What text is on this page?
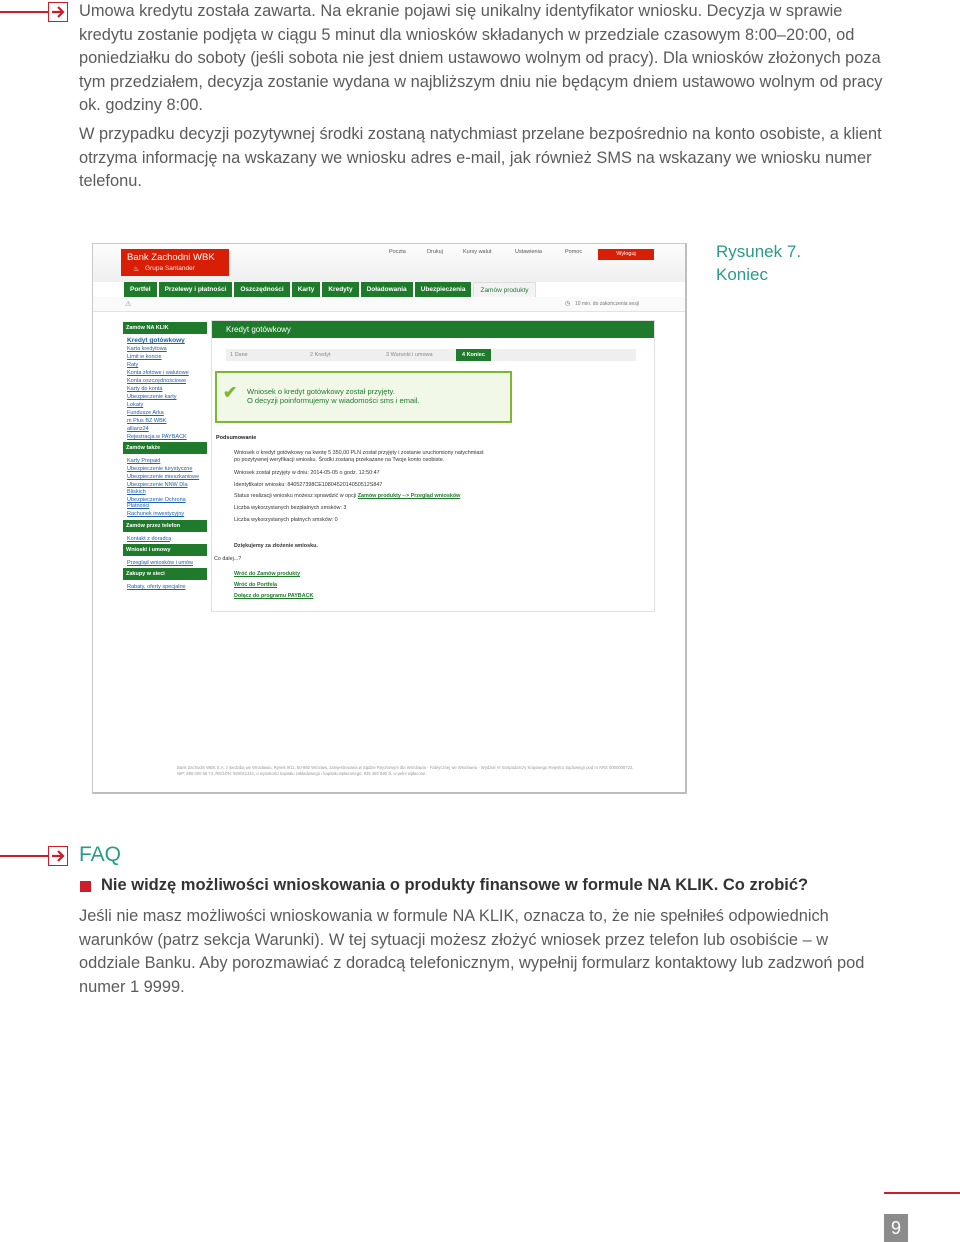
Umowa kredytu została zawarta. Na ekranie pojawi się unikalny identyfikator wniosku. Decyzja w sprawie kredytu zostanie podjęta w ciągu 5 minut dla wniosków składanych w przedziale czasowym 8:00–20:00, od poniedziałku do soboty (jeśli sobota nie jest dniem ustawowo wolnym od pracy). Dla wniosków złożonych poza tym przedziałem, decyzja zostanie wydana w najbliższym dniu nie będącym dniem ustawowo wolnym od pracy ok. godziny 8:00.

W przypadku decyzji pozytywnej środki zostaną natychmiast przelane bezpośrednio na konto osobiste, a klient otrzyma informację na wskazany we wniosku adres e-mail, jak również SMS na wskazany we wniosku numer telefonu.

Bank Zachodni WBK
♨ Grupa Santander
Poczta	Drukuj	Kursy walut	Ustawienia	Pomoc	Wyloguj
Portfel	Przelewy i płatności	Oszczędności	Karty	Kredyty	Doładowania	Ubezpieczenia	Zamów produkty
⚠	◷ 10 min. do zakończenia sesji
Zamów NA KLIK
Kredyt gotówkowy
Karta kredytowa
Limit w koncie
Raty
Konta złotowe i walutowe
Konta oszczędnościowe
Karty do konta
Ubezpieczenie karty
Lokaty
Fundusze Arka
m Plus BZ WBK
allianz24
Rejestracja w PAYBACK
Zamów także
Karty Prepaid
Ubezpieczenie turystyczne
Ubezpieczenie mieszkaniowe
Ubezpieczenie NNW Dla Bliskich
Ubezpieczenie Ochrona Płatności
Rachunek inwestycyjny
Zamów przez telefon
Kontakt z doradcą
Wnioski i umowy
Przegląd wniosków i umów
Zakupy w sieci
Rabaty, oferty specjalne
Kredyt gotówkowy
1 Dane	2 Kredyt	3 Warunki i umowa	4 Koniec
✔ Wniosek o kredyt gotówkowy został przyjęty.
O decyzji poinformujemy w wiadomości sms i email.
Podsumowanie
Wniosek o kredyt gotówkowy na kwotę 5 350,00 PLN został przyjęty i zostanie uruchomiony natychmiast
po pozytywnej weryfikacji wniosku. Środki zostaną przekazane na Twoje konto osobiste.
Wniosek został przyjęty w dniu: 2014-05-05 o godz. 12:50:47
Identyfikator wniosku: 840527398CE1080452014050512S847
Status realizacji wniosku możesz sprawdzić w opcji Zamów produkty --> Przegląd wniosków
Liczba wykorzystanych bezpłatnych smsków: 3
Liczba wykorzystanych płatnych smsków: 0
Dziękujemy za złożenie wniosku.
Co dalej...?
Wróć do Zamów produkty
Wróć do Portfela
Dołącz do programu PAYBACK
Bank Zachodni WBK S.A. z siedzibą we Wrocławiu, Rynek 9/11, 50-950 Wrocław, zarejestrowana w Sądzie Rejonowym dla Wrocławia - Fabrycznej we Wrocławiu - Wydział VI Gospodarczy Krajowego Rejestru Sądowego pod nr KRS 0000008723, NIP: 896 000 56 73, REGON: 930041341, o wysokości kapitału zakładowego i kapitału wpłaconego: 935 450 890 zł, w pełni wpłacone.
Rysunek 7.
Koniec
FAQ
Nie widzę możliwości wnioskowania o produkty finansowe w formule NA KLIK. Co zrobić?

Jeśli nie masz możliwości wnioskowania w formule NA KLIK, oznacza to, że nie spełniłeś odpowiednich warunków (patrz sekcja Warunki). W tej sytuacji możesz złożyć wniosek przez telefon lub osobiście – w oddziale Banku. Aby porozmawiać z doradcą telefonicznym, wypełnij formularz kontaktowy lub zadzwoń pod numer 1 9999.

9
